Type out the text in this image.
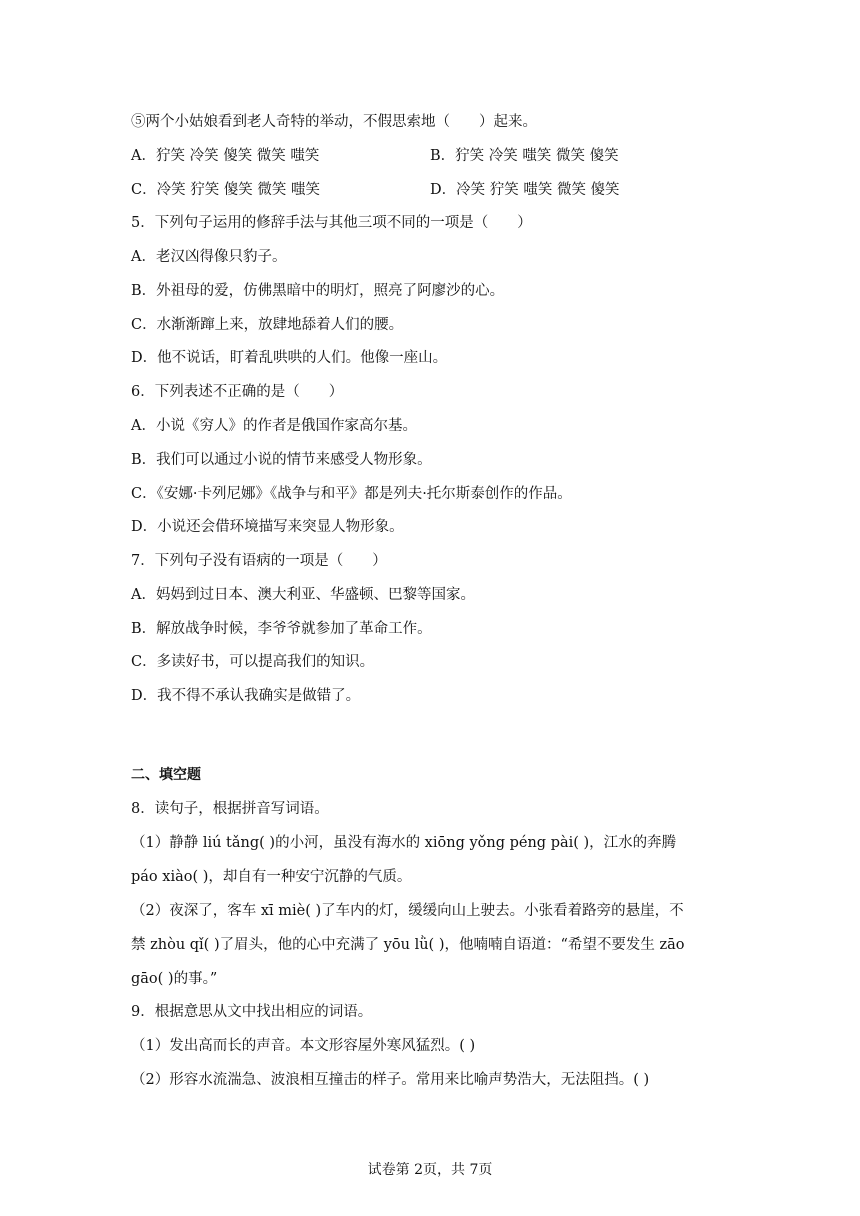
⑤两个小姑娘看到老人奇特的举动，不假思索地（　　）起来。
A．狞笑 冷笑 傻笑 微笑 嗤笑	B．狞笑 冷笑 嗤笑 微笑 傻笑
C．冷笑 狞笑 傻笑 微笑 嗤笑	D．冷笑 狞笑 嗤笑 微笑 傻笑
5．下列句子运用的修辞手法与其他三项不同的一项是（　　）
A．老汉凶得像只豹子。
B．外祖母的爱，仿佛黑暗中的明灯，照亮了阿廖沙的心。
C．水渐渐蹿上来，放肆地舔着人们的腰。
D．他不说话，盯着乱哄哄的人们。他像一座山。
6．下列表述不正确的是（　　）
A．小说《穷人》的作者是俄国作家高尔基。
B．我们可以通过小说的情节来感受人物形象。
C．《安娜·卡列尼娜》《战争与和平》都是列夫·托尔斯泰创作的作品。
D．小说还会借环境描写来突显人物形象。
7．下列句子没有语病的一项是（　　）
A．妈妈到过日本、澳大利亚、华盛顿、巴黎等国家。
B．解放战争时候，李爷爷就参加了革命工作。
C．多读好书，可以提高我们的知识。
D．我不得不承认我确实是做错了。
二、填空题
8．读句子，根据拼音写词语。
（1）静静 liú tǎng( )的小河，虽没有海水的 xiōng yǒng péng pài( )，江水的奔腾
páo xiào( )，却自有一种安宁沉静的气质。
（2）夜深了，客车 xī miè( )了车内的灯，缓缓向山上驶去。小张看着路旁的悬崖，不
禁 zhòu qǐ( )了眉头，他的心中充满了 yōu lǜ( )，他喃喃自语道：“希望不要发生 zāo
gāo( )的事。”
9．根据意思从文中找出相应的词语。
（1）发出高而长的声音。本文形容屋外寒风猛烈。( )
（2）形容水流湍急、波浪相互撞击的样子。常用来比喻声势浩大，无法阻挡。( )
试卷第 2页，共 7页
